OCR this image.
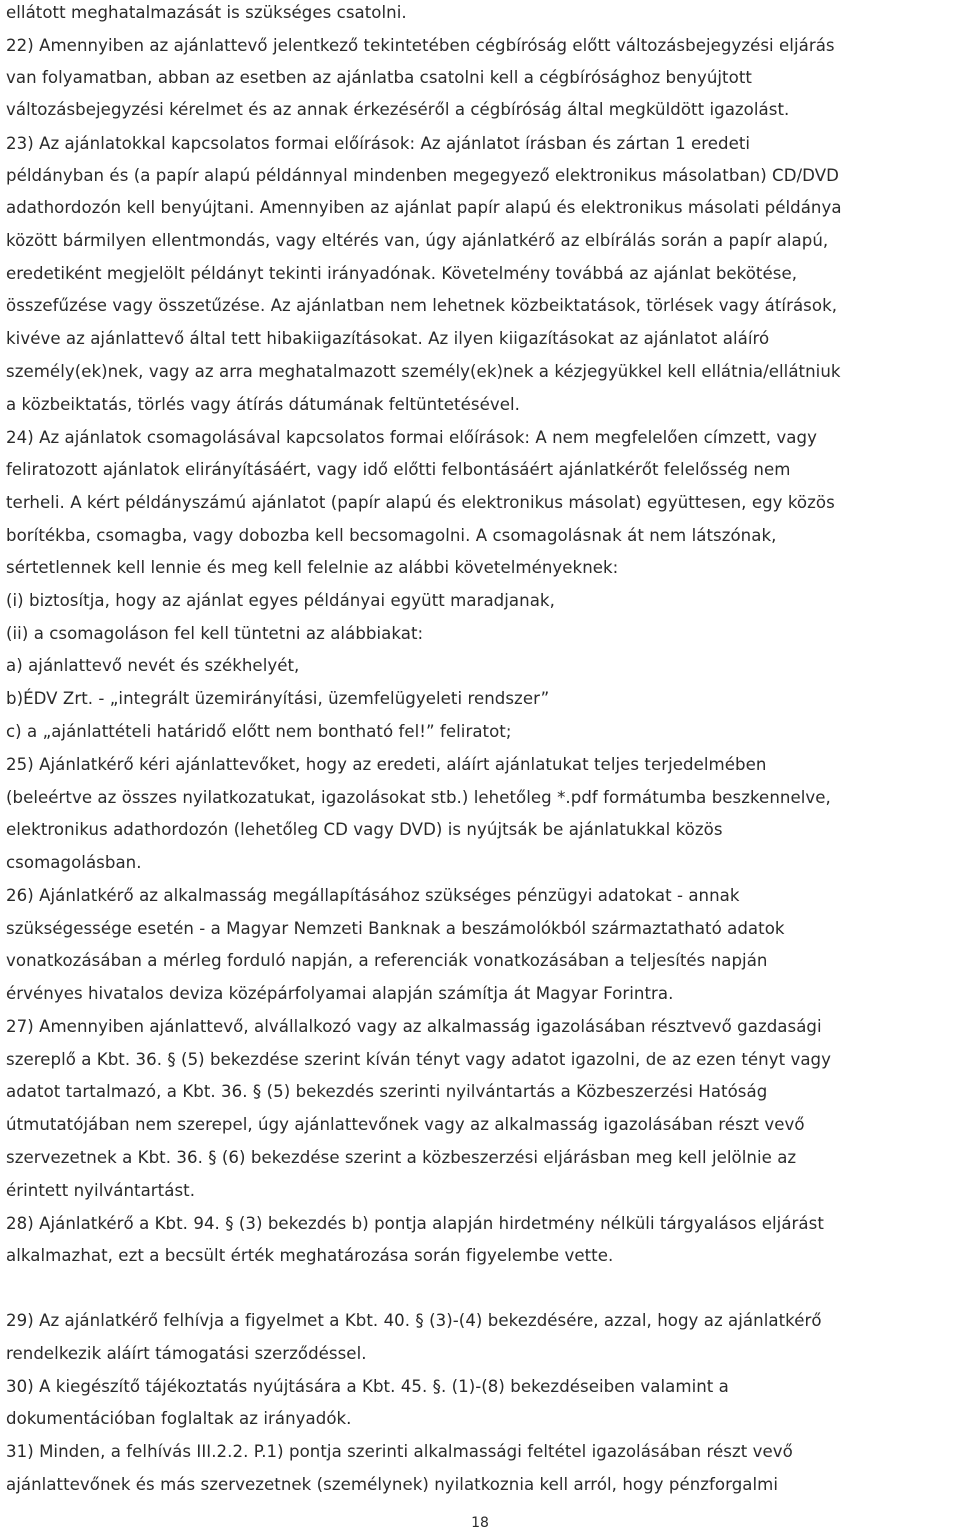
ellátott meghatalmazását is szükséges csatolni.
22) Amennyiben az ajánlattevő jelentkező tekintetében cégbíróság előtt változásbejegyzési eljárás
van folyamatban, abban az esetben az ajánlatba csatolni kell a cégbírósághoz benyújtott
változásbejegyzési kérelmet és az annak érkezéséről a cégbíróság által megküldött igazolást.
23) Az ajánlatokkal kapcsolatos formai előírások: Az ajánlatot írásban és zártan 1 eredeti
példányban és (a papír alapú példánnyal mindenben megegyező elektronikus másolatban) CD/DVD
adathordozón kell benyújtani. Amennyiben az ajánlat papír alapú és elektronikus másolati példánya
között bármilyen ellentmondás, vagy eltérés van, úgy ajánlatkérő az elbírálás során a papír alapú,
eredetiként megjelölt példányt tekinti irányadónak. Követelmény továbbá az ajánlat bekötése,
összefűzése vagy összetűzése. Az ajánlatban nem lehetnek közbeiktatások, törlések vagy átírások,
kivéve az ajánlattevő által tett hibakiigazításokat. Az ilyen kiigazításokat az ajánlatot aláíró
személy(ek)nek, vagy az arra meghatalmazott személy(ek)nek a kézjegyükkel kell ellátnia/ellátniuk
a közbeiktatás, törlés vagy átírás dátumának feltüntetésével.
24) Az ajánlatok csomagolásával kapcsolatos formai előírások: A nem megfelelően címzett, vagy
feliratozott ajánlatok elirányításáért, vagy idő előtti felbontásáért ajánlatkérőt felelősség nem
terheli. A kért példányszámú ajánlatot (papír alapú és elektronikus másolat) együttesen, egy közös
borítékba, csomagba, vagy dobozba kell becsomagolni. A csomagolásnak át nem látszónak,
sértetlennek kell lennie és meg kell felelnie az alábbi követelményeknek:
(i) biztosítja, hogy az ajánlat egyes példányai együtt maradjanak,
(ii) a csomagoláson fel kell tüntetni az alábbiakat:
a) ajánlattevő nevét és székhelyét,
b)ÉDV Zrt. - „integrált üzemirányítási, üzemfelügyeleti rendszer”
c) a „ajánlattételi határidő előtt nem bontható fel!” feliratot;
25) Ajánlatkérő kéri ajánlattevőket, hogy az eredeti, aláírt ajánlatukat teljes terjedelmében
(beleértve az összes nyilatkozatukat, igazolásokat stb.) lehetőleg *.pdf formátumba beszkennelve,
elektronikus adathordozón (lehetőleg CD vagy DVD) is nyújtsák be ajánlatukkal közös
csomagolásban.
26) Ajánlatkérő az alkalmasság megállapításához szükséges pénzügyi adatokat - annak
szükségessége esetén - a Magyar Nemzeti Banknak a beszámolókból származtatható adatok
vonatkozásában a mérleg forduló napján, a referenciák vonatkozásában a teljesítés napján
érvényes hivatalos deviza középárfolyamai alapján számítja át Magyar Forintra.
27) Amennyiben ajánlattevő, alvállalkozó vagy az alkalmasság igazolásában résztvevő gazdasági
szereplő a Kbt. 36. § (5) bekezdése szerint kíván tényt vagy adatot igazolni, de az ezen tényt vagy
adatot tartalmazó, a Kbt. 36. § (5) bekezdés szerinti nyilvántartás a Közbeszerzési Hatóság
útmutatójában nem szerepel, úgy ajánlattevőnek vagy az alkalmasság igazolásában részt vevő
szervezetnek a Kbt. 36. § (6) bekezdése szerint a közbeszerzési eljárásban meg kell jelölnie az
érintett nyilvántartást.
28) Ajánlatkérő a Kbt. 94. § (3) bekezdés b) pontja alapján hirdetmény nélküli tárgyalásos eljárást
alkalmazhat, ezt a becsült érték meghatározása során figyelembe vette.
29) Az ajánlatkérő felhívja a figyelmet a Kbt. 40. § (3)-(4) bekezdésére, azzal, hogy az ajánlatkérő
rendelkezik aláírt támogatási szerződéssel.
30) A kiegészítő tájékoztatás nyújtására a Kbt. 45. §. (1)-(8) bekezdéseiben valamint a
dokumentációban foglaltak az irányadók.
31) Minden, a felhívás III.2.2. P.1) pontja szerinti alkalmassági feltétel igazolásában részt vevő
ajánlattevőnek és más szervezetnek (személynek) nyilatkoznia kell arról, hogy pénzforgalmi
18
